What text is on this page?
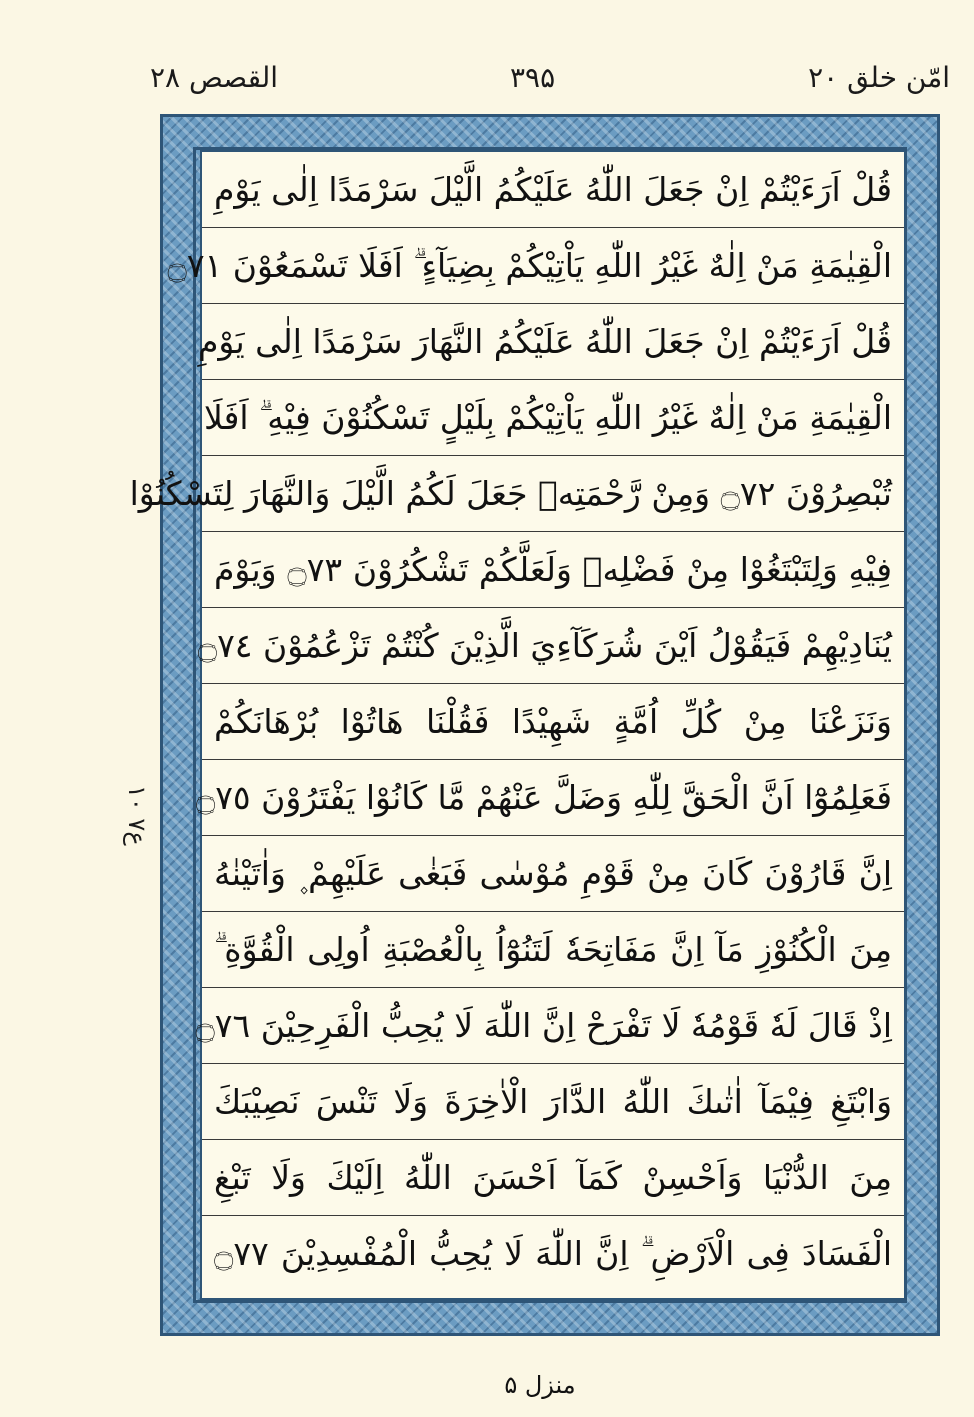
القصص ۲۸	۳۹۵	امّن خلق ۲۰
قُلْ اَرَءَيْتُمْ اِنْ جَعَلَ اللّٰهُ عَلَيْكُمُ الَّيْلَ سَرْمَدًا اِلٰى يَوْمِ
الْقِيٰمَةِ مَنْ اِلٰهٌ غَيْرُ اللّٰهِ يَاْتِيْكُمْ بِضِيَآءٍ ۗ اَفَلَا تَسْمَعُوْنَ ۝٧١
قُلْ اَرَءَيْتُمْ اِنْ جَعَلَ اللّٰهُ عَلَيْكُمُ النَّهَارَ سَرْمَدًا اِلٰى يَوْمِ
الْقِيٰمَةِ مَنْ اِلٰهٌ غَيْرُ اللّٰهِ يَاْتِيْكُمْ بِلَيْلٍ تَسْكُنُوْنَ فِيْهِ ۗ اَفَلَا
تُبْصِرُوْنَ ۝٧٢ وَمِنْ رَّحْمَتِهٖ جَعَلَ لَكُمُ الَّيْلَ وَالنَّهَارَ لِتَسْكُنُوْا
فِيْهِ وَلِتَبْتَغُوْا مِنْ فَضْلِهٖ وَلَعَلَّكُمْ تَشْكُرُوْنَ ۝٧٣ وَيَوْمَ
يُنَادِيْهِمْ فَيَقُوْلُ اَيْنَ شُرَكَآءِيَ الَّذِيْنَ كُنْتُمْ تَزْعُمُوْنَ ۝٧٤
وَنَزَعْنَا مِنْ كُلِّ اُمَّةٍ شَهِيْدًا فَقُلْنَا هَاتُوْا بُرْهَانَكُمْ
فَعَلِمُوْٓا اَنَّ الْحَقَّ لِلّٰهِ وَضَلَّ عَنْهُمْ مَّا كَانُوْا يَفْتَرُوْنَ ۝٧٥
اِنَّ قَارُوْنَ كَانَ مِنْ قَوْمِ مُوْسٰى فَبَغٰى عَلَيْهِمْ ۪ وَاٰتَيْنٰهُ
مِنَ الْكُنُوْزِ مَآ اِنَّ مَفَاتِحَهٗ لَتَنُوْٓاُ بِالْعُصْبَةِ اُولِى الْقُوَّةِ ۗ
اِذْ قَالَ لَهٗ قَوْمُهٗ لَا تَفْرَحْ اِنَّ اللّٰهَ لَا يُحِبُّ الْفَرِحِيْنَ ۝٧٦
وَابْتَغِ فِيْمَآ اٰتٰىكَ اللّٰهُ الدَّارَ الْاٰخِرَةَ وَلَا تَنْسَ نَصِيْبَكَ
مِنَ الدُّنْيَا وَاَحْسِنْ كَمَآ اَحْسَنَ اللّٰهُ اِلَيْكَ وَلَا تَبْغِ
الْفَسَادَ فِى الْاَرْضِ ۗ اِنَّ اللّٰهَ لَا يُحِبُّ الْمُفْسِدِيْنَ ۝٧٧
ع۷ ۱۰
منزل ۵
